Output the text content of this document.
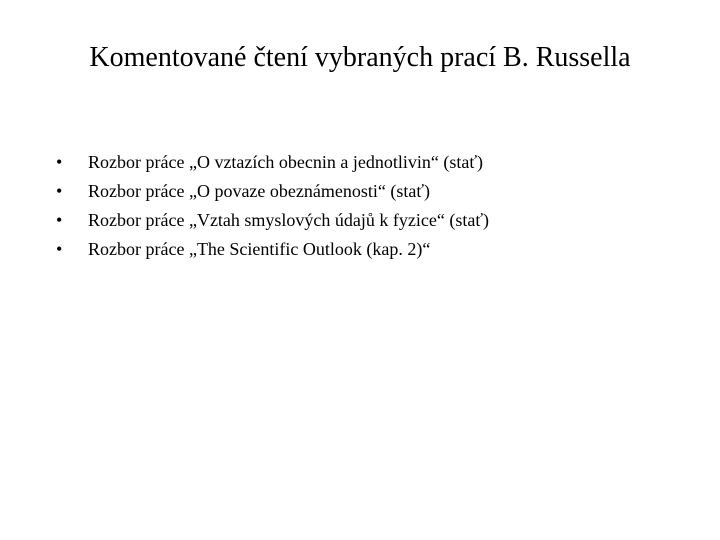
Komentované čtení vybraných prací B. Russella
•	Rozbor práce „O vztazích obecnin a jednotlivin“ (stať)
•	Rozbor práce „O povaze obeznámenosti“ (stať)
•	Rozbor práce „Vztah smyslových údajů k fyzice“ (stať)
•	Rozbor práce „The Scientific Outlook (kap. 2)“
